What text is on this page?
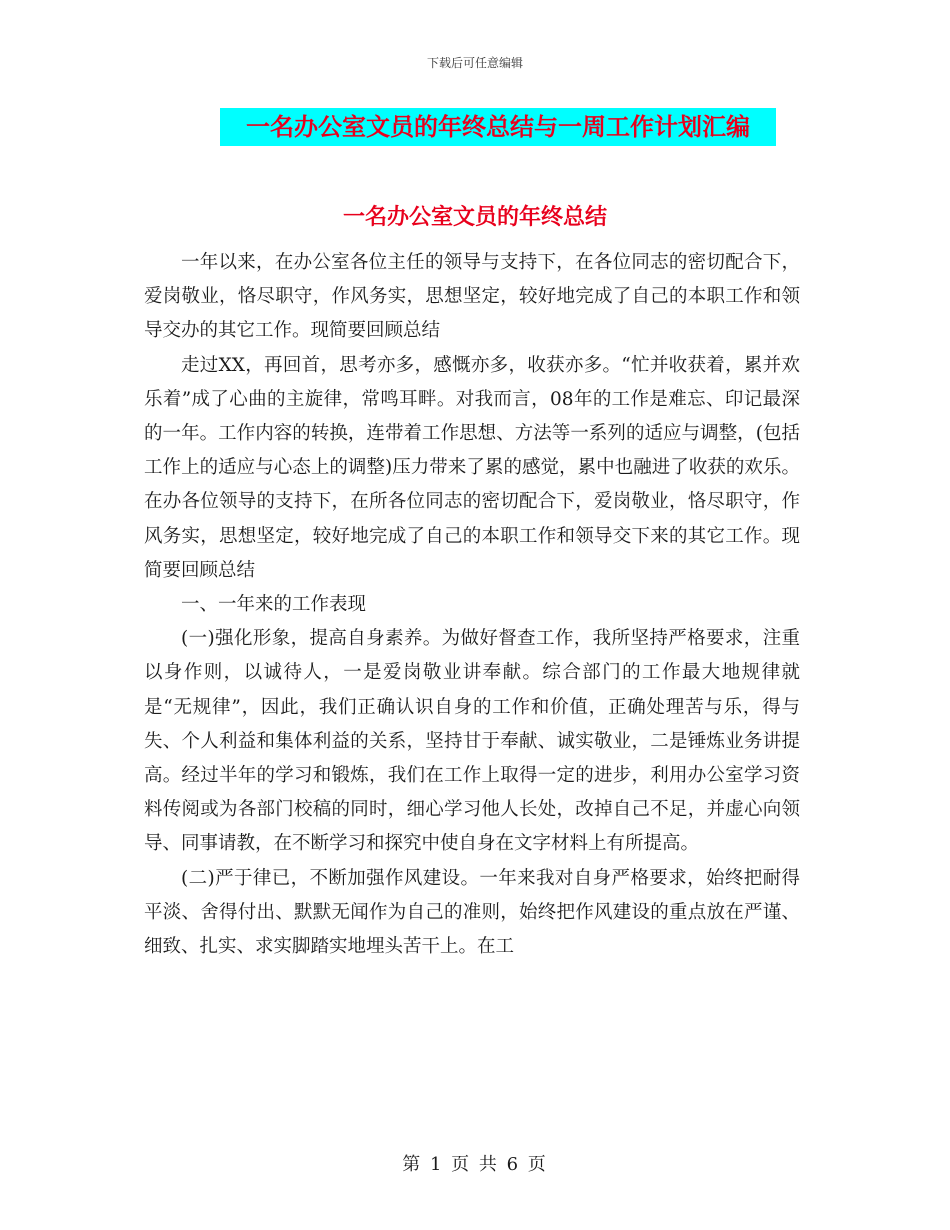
下载后可任意编辑
一名办公室文员的年终总结与一周工作计划汇编
一名办公室文员的年终总结

一年以来，在办公室各位主任的领导与支持下，在各位同志的密切配合下，爱岗敬业，恪尽职守，作风务实，思想坚定，较好地完成了自己的本职工作和领导交办的其它工作。现简要回顾总结

走过XX，再回首，思考亦多，感慨亦多，收获亦多。“忙并收获着，累并欢乐着”成了心曲的主旋律，常鸣耳畔。对我而言，08年的工作是难忘、印记最深的一年。工作内容的转换，连带着工作思想、方法等一系列的适应与调整，(包括工作上的适应与心态上的调整)压力带来了累的感觉，累中也融进了收获的欢乐。在办各位领导的支持下，在所各位同志的密切配合下，爱岗敬业，恪尽职守，作风务实，思想坚定，较好地完成了自己的本职工作和领导交下来的其它工作。现简要回顾总结

一、一年来的工作表现

(一)强化形象，提高自身素养。为做好督查工作，我所坚持严格要求，注重以身作则，以诚待人，一是爱岗敬业讲奉献。综合部门的工作最大地规律就是“无规律”，因此，我们正确认识自身的工作和价值，正确处理苦与乐，得与失、个人利益和集体利益的关系，坚持甘于奉献、诚实敬业，二是锤炼业务讲提高。经过半年的学习和锻炼，我们在工作上取得一定的进步，利用办公室学习资料传阅或为各部门校稿的同时，细心学习他人长处，改掉自己不足，并虚心向领导、同事请教，在不断学习和探究中使自身在文字材料上有所提高。

(二)严于律已，不断加强作风建设。一年来我对自身严格要求，始终把耐得平淡、舍得付出、默默无闻作为自己的准则，始终把作风建设的重点放在严谨、细致、扎实、求实脚踏实地埋头苦干上。在工

第 1 页 共 6 页
